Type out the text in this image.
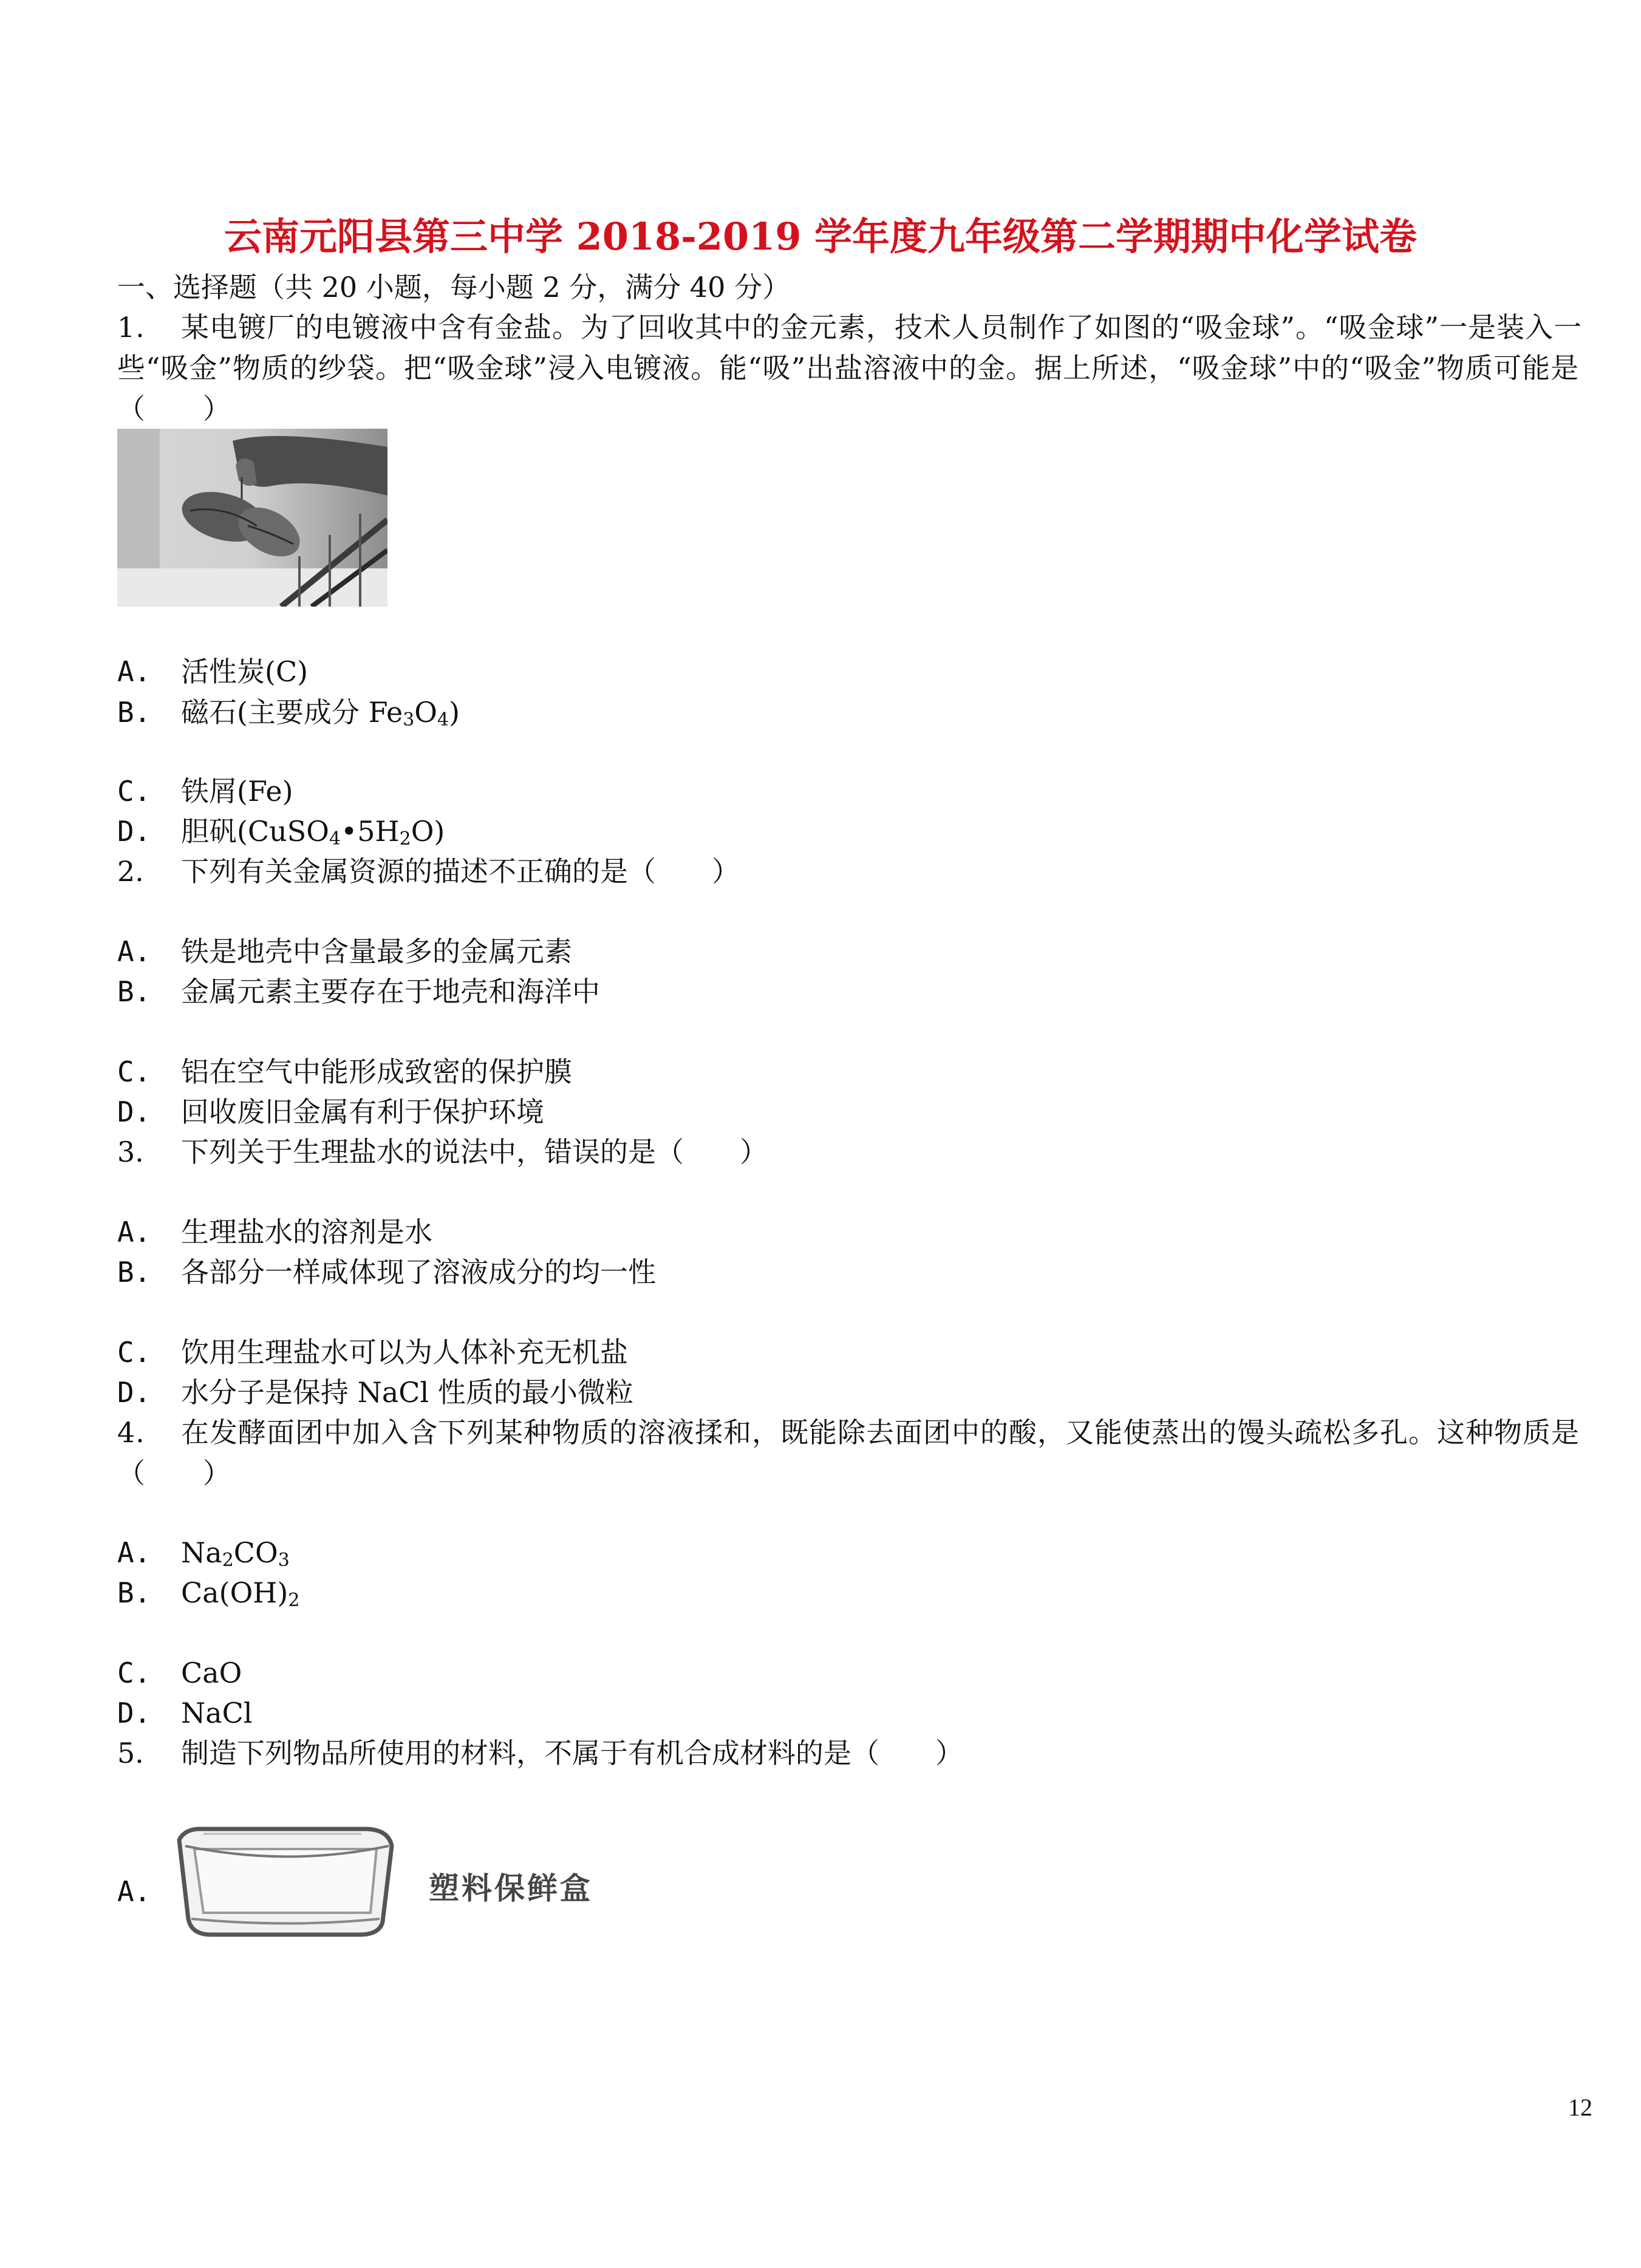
云南元阳县第三中学 2018-2019 学年度九年级第二学期期中化学试卷
一、选择题（共 20 小题，每小题 2 分，满分 40 分）
1. 某电镀厂的电镀液中含有金盐。为了回收其中的金元素，技术人员制作了如图的“吸金球”。“吸金球”一是装入一些“吸金”物质的纱袋。把“吸金球”浸入电镀液。能“吸”出盐溶液中的金。据上所述，“吸金球”中的“吸金”物质可能是（　　）
A. 活性炭(C)
B. 磁石(主要成分 $Fe_3O_4$)
C. 铁屑(Fe)
D. 胆矾$(CuSO_4•5H_2O)$
2. 下列有关金属资源的描述不正确的是（　　）
A. 铁是地壳中含量最多的金属元素
B. 金属元素主要存在于地壳和海洋中
C. 铝在空气中能形成致密的保护膜
D. 回收废旧金属有利于保护环境
3. 下列关于生理盐水的说法中，错误的是（　　）
A. 生理盐水的溶剂是水
B. 各部分一样咸体现了溶液成分的均一性
C. 饮用生理盐水可以为人体补充无机盐
D. 水分子是保持 NaCl 性质的最小微粒
4. 在发酵面团中加入含下列某种物质的溶液揉和，既能除去面团中的酸，又能使蒸出的馒头疏松多孔。这种物质是（　　）
A. $Na_2CO_3$
B. $Ca(OH)_2$
C. CaO
D. NaCl
5. 制造下列物品所使用的材料，不属于有机合成材料的是（　　）
A.	塑料保鲜盒
12
